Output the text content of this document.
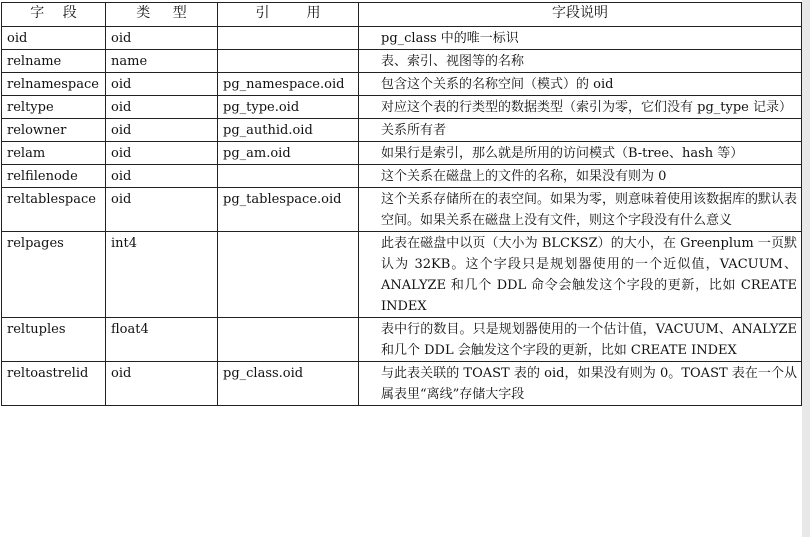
字 段	类 型	引 用	字段说明

oid	oid		pg_class 中的唯一标识

relname	name		表、索引、视图等的名称

relnamespace	oid	pg_namespace.oid	包含这个关系的名称空间（模式）的 oid

reltype	oid	pg_type.oid	对应这个表的行类型的数据类型（索引为零，它们没有 pg_type 记录）

relowner	oid	pg_authid.oid	关系所有者

relam	oid	pg_am.oid	如果行是索引，那么就是所用的访问模式（B-tree、hash 等）

relfilenode	oid		这个关系在磁盘上的文件的名称，如果没有则为 0

reltablespace	oid	pg_tablespace.oid	这个关系存储所在的表空间。如果为零，则意味着使用该数据库的默认表空间。如果关系在磁盘上没有文件，则这个字段没有什么意义

relpages	int4		此表在磁盘中以页（大小为 BLCKSZ）的大小，在 Greenplum 一页默认为 32KB。这个字段只是规划器使用的一个近似值，VACUUM、ANALYZE 和几个 DDL 命令会触发这个字段的更新，比如 CREATE INDEX

reltuples	float4		表中行的数目。只是规划器使用的一个估计值，VACUUM、ANALYZE 和几个 DDL 会触发这个字段的更新，比如 CREATE INDEX

reltoastrelid	oid	pg_class.oid	与此表关联的 TOAST 表的 oid，如果没有则为 0。TOAST 表在一个从属表里“离线”存储大字段
